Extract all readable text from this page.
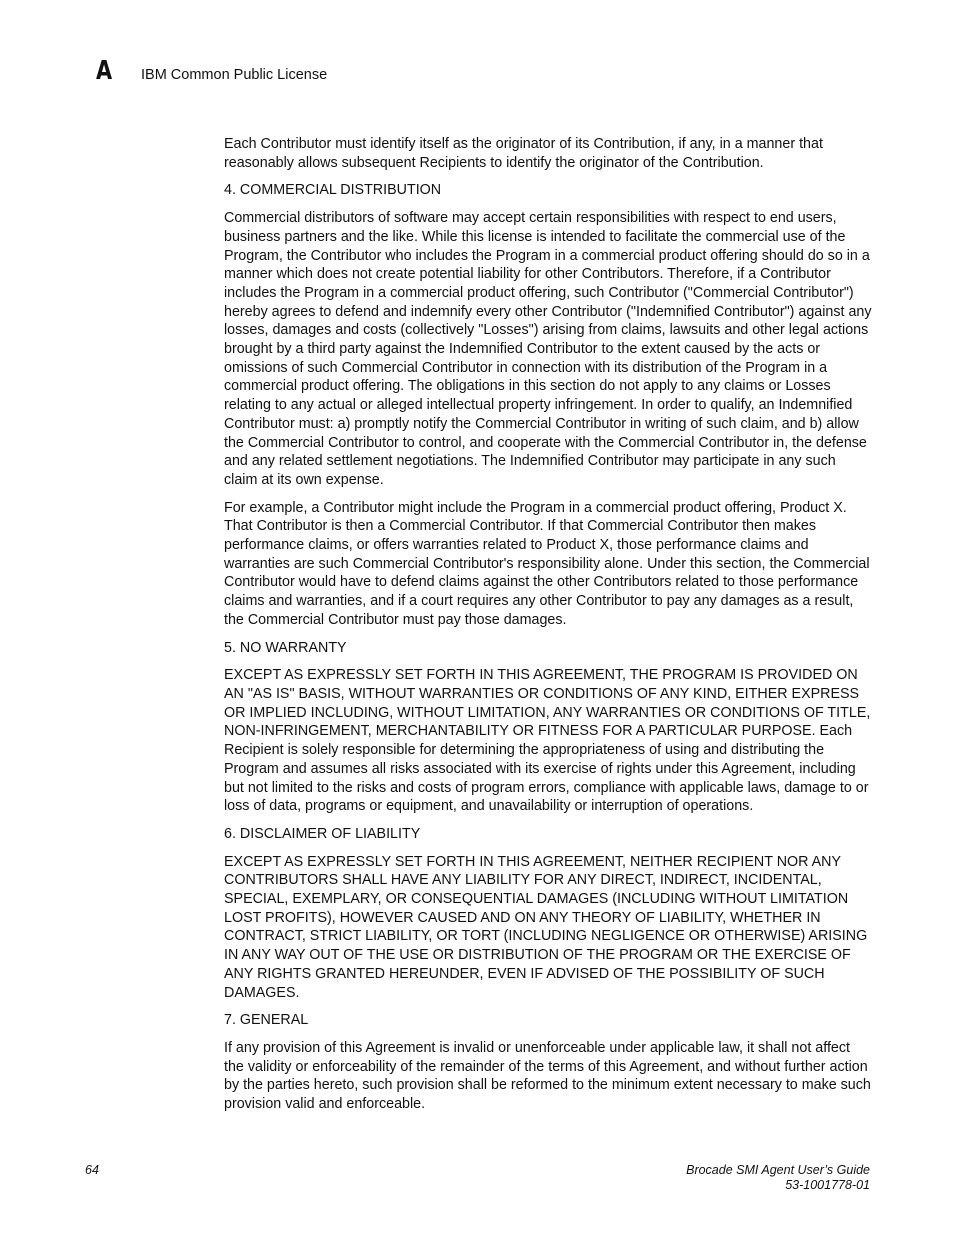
A IBM Common Public License

Each Contributor must identify itself as the originator of its Contribution, if any, in a manner that reasonably allows subsequent Recipients to identify the originator of the Contribution.

4. COMMERCIAL DISTRIBUTION

Commercial distributors of software may accept certain responsibilities with respect to end users, business partners and the like. While this license is intended to facilitate the commercial use of the Program, the Contributor who includes the Program in a commercial product offering should do so in a manner which does not create potential liability for other Contributors. Therefore, if a Contributor includes the Program in a commercial product offering, such Contributor ("Commercial Contributor") hereby agrees to defend and indemnify every other Contributor ("Indemnified Contributor") against any losses, damages and costs (collectively "Losses") arising from claims, lawsuits and other legal actions brought by a third party against the Indemnified Contributor to the extent caused by the acts or omissions of such Commercial Contributor in connection with its distribution of the Program in a commercial product offering. The obligations in this section do not apply to any claims or Losses relating to any actual or alleged intellectual property infringement. In order to qualify, an Indemnified Contributor must: a) promptly notify the Commercial Contributor in writing of such claim, and b) allow the Commercial Contributor to control, and cooperate with the Commercial Contributor in, the defense and any related settlement negotiations. The Indemnified Contributor may participate in any such claim at its own expense.

For example, a Contributor might include the Program in a commercial product offering, Product X. That Contributor is then a Commercial Contributor. If that Commercial Contributor then makes performance claims, or offers warranties related to Product X, those performance claims and warranties are such Commercial Contributor's responsibility alone. Under this section, the Commercial Contributor would have to defend claims against the other Contributors related to those performance claims and warranties, and if a court requires any other Contributor to pay any damages as a result, the Commercial Contributor must pay those damages.

5. NO WARRANTY

EXCEPT AS EXPRESSLY SET FORTH IN THIS AGREEMENT, THE PROGRAM IS PROVIDED ON AN "AS IS" BASIS, WITHOUT WARRANTIES OR CONDITIONS OF ANY KIND, EITHER EXPRESS OR IMPLIED INCLUDING, WITHOUT LIMITATION, ANY WARRANTIES OR CONDITIONS OF TITLE, NON-INFRINGEMENT, MERCHANTABILITY OR FITNESS FOR A PARTICULAR PURPOSE. Each Recipient is solely responsible for determining the appropriateness of using and distributing the Program and assumes all risks associated with its exercise of rights under this Agreement, including but not limited to the risks and costs of program errors, compliance with applicable laws, damage to or loss of data, programs or equipment, and unavailability or interruption of operations.

6. DISCLAIMER OF LIABILITY

EXCEPT AS EXPRESSLY SET FORTH IN THIS AGREEMENT, NEITHER RECIPIENT NOR ANY CONTRIBUTORS SHALL HAVE ANY LIABILITY FOR ANY DIRECT, INDIRECT, INCIDENTAL, SPECIAL, EXEMPLARY, OR CONSEQUENTIAL DAMAGES (INCLUDING WITHOUT LIMITATION LOST PROFITS), HOWEVER CAUSED AND ON ANY THEORY OF LIABILITY, WHETHER IN CONTRACT, STRICT LIABILITY, OR TORT (INCLUDING NEGLIGENCE OR OTHERWISE) ARISING IN ANY WAY OUT OF THE USE OR DISTRIBUTION OF THE PROGRAM OR THE EXERCISE OF ANY RIGHTS GRANTED HEREUNDER, EVEN IF ADVISED OF THE POSSIBILITY OF SUCH DAMAGES.

7. GENERAL

If any provision of this Agreement is invalid or unenforceable under applicable law, it shall not affect the validity or enforceability of the remainder of the terms of this Agreement, and without further action by the parties hereto, such provision shall be reformed to the minimum extent necessary to make such provision valid and enforceable.

64	Brocade SMI Agent User’s Guide
53-1001778-01
